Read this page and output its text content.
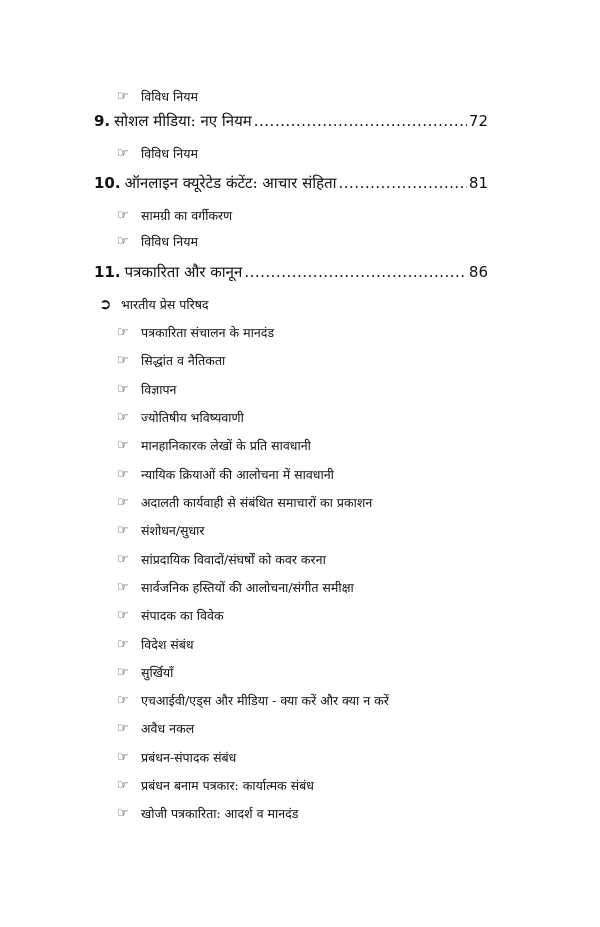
☞ विविध नियम
9. सोशल मीडिया: नए नियम .....	72
☞ विविध नियम
10. ऑनलाइन क्यूरेटेड कंटेंट: आचार संहिता .....	81
☞ सामग्री का वर्गीकरण
☞ विविध नियम
11. पत्रकारिता और कानून .....	86
➲ भारतीय प्रेस परिषद
☞ पत्रकारिता संचालन के मानदंड
☞ सिद्धांत व नैतिकता
☞ विज्ञापन
☞ ज्योतिषीय भविष्यवाणी
☞ मानहानिकारक लेखों के प्रति सावधानी
☞ न्यायिक क्रियाओं की आलोचना में सावधानी
☞ अदालती कार्यवाही से संबंधित समाचारों का प्रकाशन
☞ संशोधन/सुधार
☞ सांप्रदायिक विवादों/संघर्षों को कवर करना
☞ सार्वजनिक हस्तियों की आलोचना/संगीत समीक्षा
☞ संपादक का विवेक
☞ विदेश संबंध
☞ सुर्खियाँ
☞ एचआईवी/एड्स और मीडिया - क्या करें और क्या न करें
☞ अवैध नकल
☞ प्रबंधन-संपादक संबंध
☞ प्रबंधन बनाम पत्रकार: कार्यात्मक संबंध
☞ खोजी पत्रकारिता: आदर्श व मानदंड
